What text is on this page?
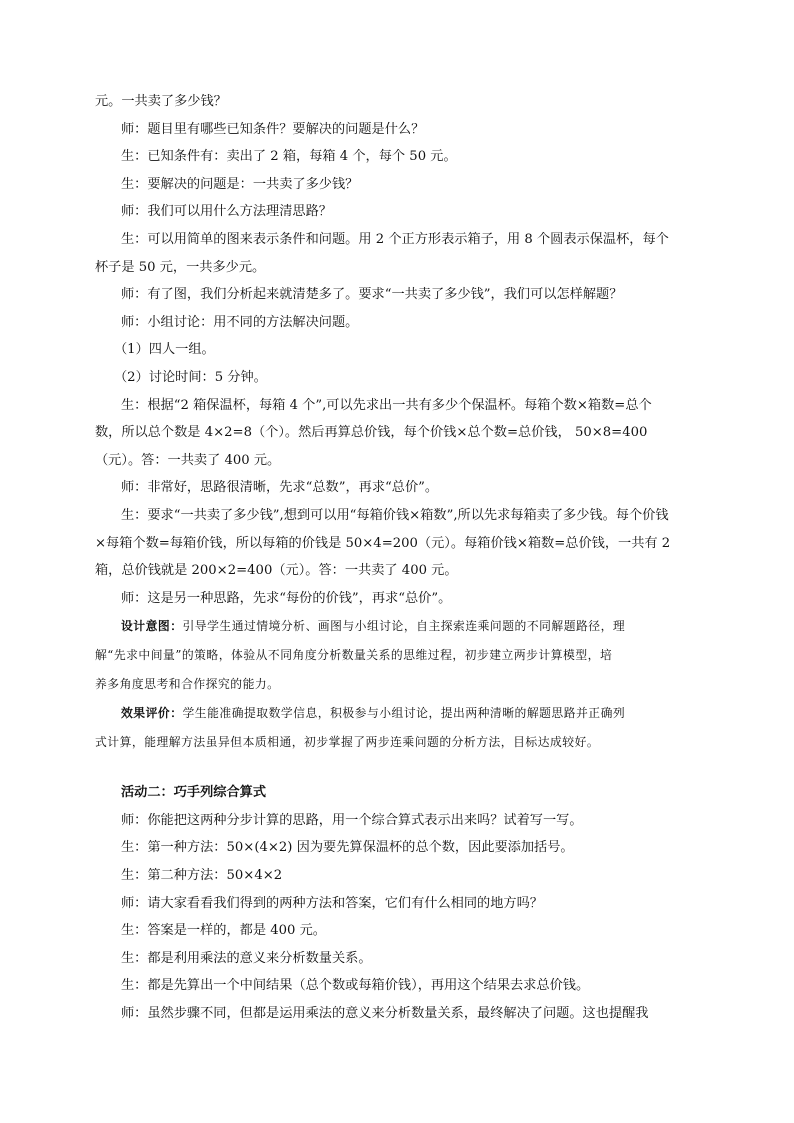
元。一共卖了多少钱？

师：题目里有哪些已知条件？要解决的问题是什么？

生：已知条件有：卖出了 2 箱，每箱 4 个，每个 50 元。

生：要解决的问题是：一共卖了多少钱？

师：我们可以用什么方法理清思路？

生：可以用简单的图来表示条件和问题。用 2 个正方形表示箱子，用 8 个圆表示保温杯，每个

杯子是 50 元，一共多少元。

师：有了图，我们分析起来就清楚多了。要求“一共卖了多少钱”，我们可以怎样解题？

师：小组讨论：用不同的方法解决问题。

（1）四人一组。

（2）讨论时间：5 分钟。

生：根据“2 箱保温杯，每箱 4 个”,可以先求出一共有多少个保温杯。每箱个数×箱数=总个

数，所以总个数是 4×2=8（个）。然后再算总价钱，每个价钱×总个数=总价钱， 50×8=400

（元）。答：一共卖了 400 元。

师：非常好，思路很清晰，先求“总数”，再求“总价”。

生：要求“一共卖了多少钱”,想到可以用“每箱价钱×箱数”,所以先求每箱卖了多少钱。每个价钱

×每箱个数=每箱价钱，所以每箱的价钱是 50×4=200（元）。每箱价钱×箱数=总价钱，一共有 2

箱，总价钱就是 200×2=400（元）。答：一共卖了 400 元。

师：这是另一种思路，先求“每份的价钱”，再求“总价”。

设计意图：引导学生通过情境分析、画图与小组讨论，自主探索连乘问题的不同解题路径，理

解“先求中间量”的策略，体验从不同角度分析数量关系的思维过程，初步建立两步计算模型，培

养多角度思考和合作探究的能力。

效果评价：学生能准确提取数学信息，积极参与小组讨论，提出两种清晰的解题思路并正确列

式计算，能理解方法虽异但本质相通，初步掌握了两步连乘问题的分析方法，目标达成较好。

活动二：巧手列综合算式

师：你能把这两种分步计算的思路，用一个综合算式表示出来吗？试着写一写。

生：第一种方法：50×(4×2) 因为要先算保温杯的总个数，因此要添加括号。

生：第二种方法：50×4×2

师：请大家看看我们得到的两种方法和答案，它们有什么相同的地方吗？

生：答案是一样的，都是 400 元。

生：都是利用乘法的意义来分析数量关系。

生：都是先算出一个中间结果（总个数或每箱价钱），再用这个结果去求总价钱。

师：虽然步骤不同，但都是运用乘法的意义来分析数量关系，最终解决了问题。这也提醒我
